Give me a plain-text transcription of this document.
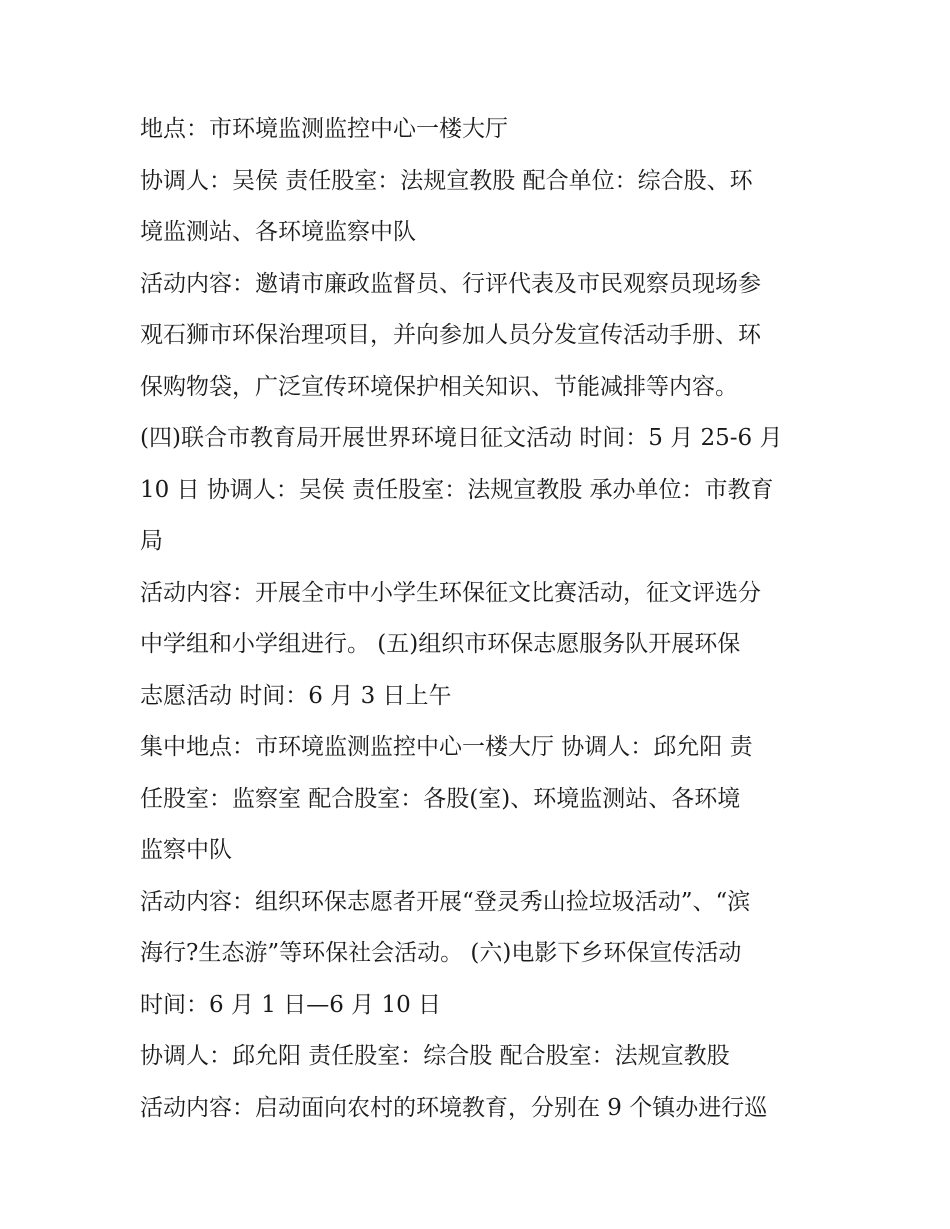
地点：市环境监测监控中心一楼大厅
协调人：吴侯 责任股室：法规宣教股 配合单位：综合股、环
境监测站、各环境监察中队
活动内容：邀请市廉政监督员、行评代表及市民观察员现场参
观石狮市环保治理项目，并向参加人员分发宣传活动手册、环
保购物袋，广泛宣传环境保护相关知识、节能减排等内容。
(四)联合市教育局开展世界环境日征文活动 时间：5 月 25-6 月
10 日 协调人：吴侯 责任股室：法规宣教股 承办单位：市教育
局
活动内容：开展全市中小学生环保征文比赛活动，征文评选分
中学组和小学组进行。 (五)组织市环保志愿服务队开展环保
志愿活动 时间：6 月 3 日上午
集中地点：市环境监测监控中心一楼大厅 协调人：邱允阳 责
任股室：监察室 配合股室：各股(室)、环境监测站、各环境
监察中队
活动内容：组织环保志愿者开展“登灵秀山捡垃圾活动”、“滨
海行?生态游”等环保社会活动。 (六)电影下乡环保宣传活动
时间：6 月 1 日—6 月 10 日
协调人：邱允阳 责任股室：综合股 配合股室：法规宣教股
活动内容：启动面向农村的环境教育，分别在 9 个镇办进行巡
